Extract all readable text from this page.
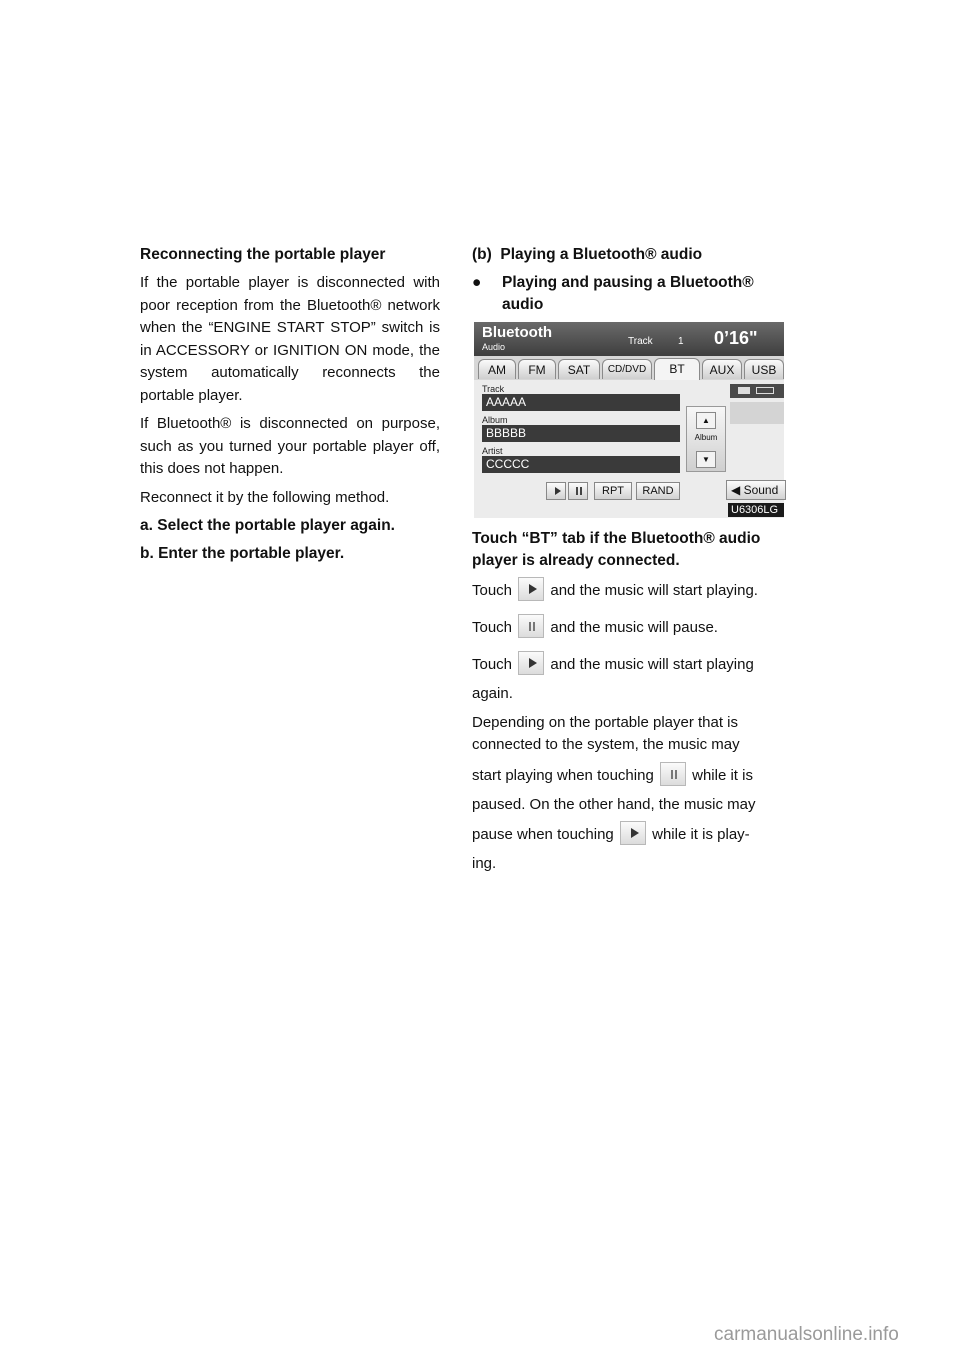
Reconnecting the portable player

If the portable player is disconnected with poor reception from the Bluetooth® network when the “ENGINE START STOP” switch is in ACCESSORY or IGNITION ON mode, the system automatically reconnects the portable player.

If Bluetooth® is disconnected on purpose, such as you turned your portable player off, this does not happen.

Reconnect it by the following method.

a. Select the portable player again.

b. Enter the portable player.

(b)  Playing a Bluetooth® audio

●	Playing and pausing a Bluetooth®

audio

Bluetooth
Audio	Track	1 0’16"
AM	FM	SAT	CD/DVD	BT	AUX	USB
Track
AAAAA
Album
BBBBB
Artist
CCCCC
▲
Album
▼
RPT	RAND	◀ Sound
U6306LG

Touch “BT” tab if the Bluetooth® audio

player is already connected.

Touch	and the music will start playing.

Touch	and the music will pause.

Touch	and the music will start playing

again.

Depending on the portable player that is

connected to the system, the music may

start playing when touching	while it is

paused. On the other hand, the music may

pause when touching	while it is play-

ing.

carmanualsonline.info
